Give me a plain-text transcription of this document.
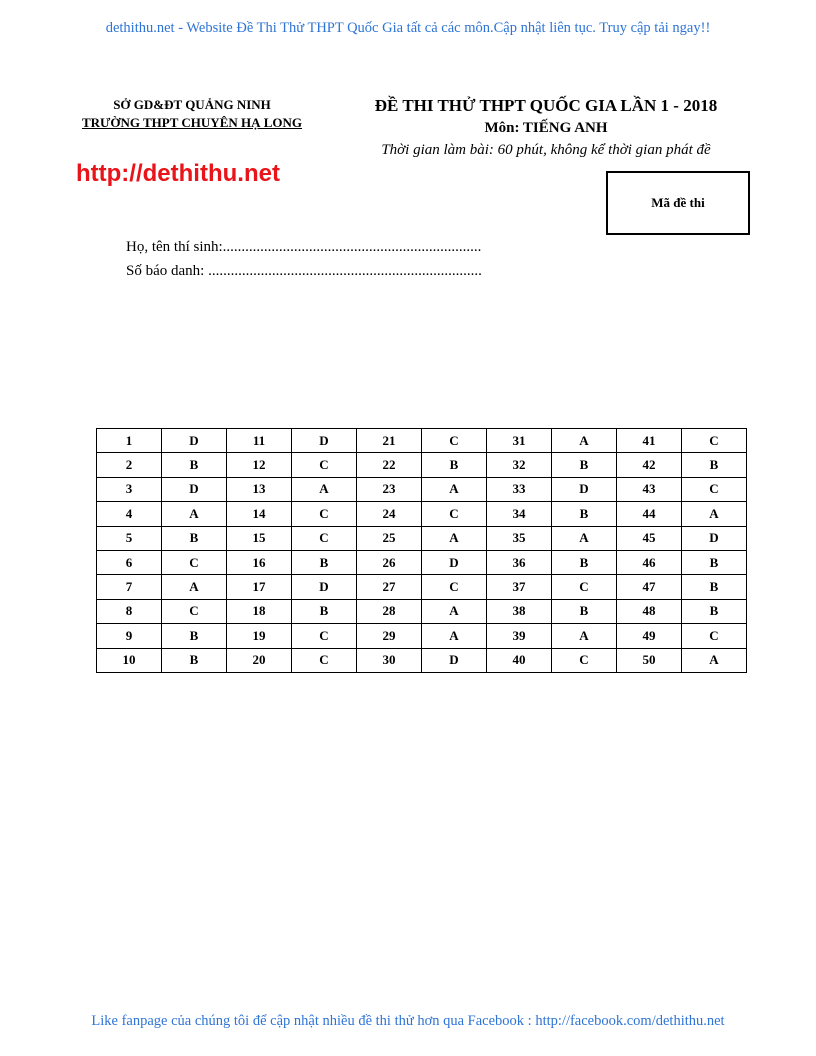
dethithu.net - Website Đề Thi Thử THPT Quốc Gia tất cả các môn.Cập nhật liên tục. Truy cập tải ngay!!
SỞ GD&ĐT QUẢNG NINH
TRƯỜNG THPT CHUYÊN HẠ LONG
ĐỀ THI THỬ THPT QUỐC GIA LẦN 1 - 2018
Môn: TIẾNG ANH
Thời gian làm bài: 60 phút, không kể thời gian phát đề
http://dethithu.net
Mã đề thi
Họ, tên thí sinh:.....................................................................
Số báo danh: .........................................................................
1	D	11	D	21	C	31	A	41	C
2	B	12	C	22	B	32	B	42	B
3	D	13	A	23	A	33	D	43	C
4	A	14	C	24	C	34	B	44	A
5	B	15	C	25	A	35	A	45	D
6	C	16	B	26	D	36	B	46	B
7	A	17	D	27	C	37	C	47	B
8	C	18	B	28	A	38	B	48	B
9	B	19	C	29	A	39	A	49	C
10	B	20	C	30	D	40	C	50	A
Like fanpage của chúng tôi để cập nhật nhiều đề thi thử hơn qua Facebook : http://facebook.com/dethithu.net
